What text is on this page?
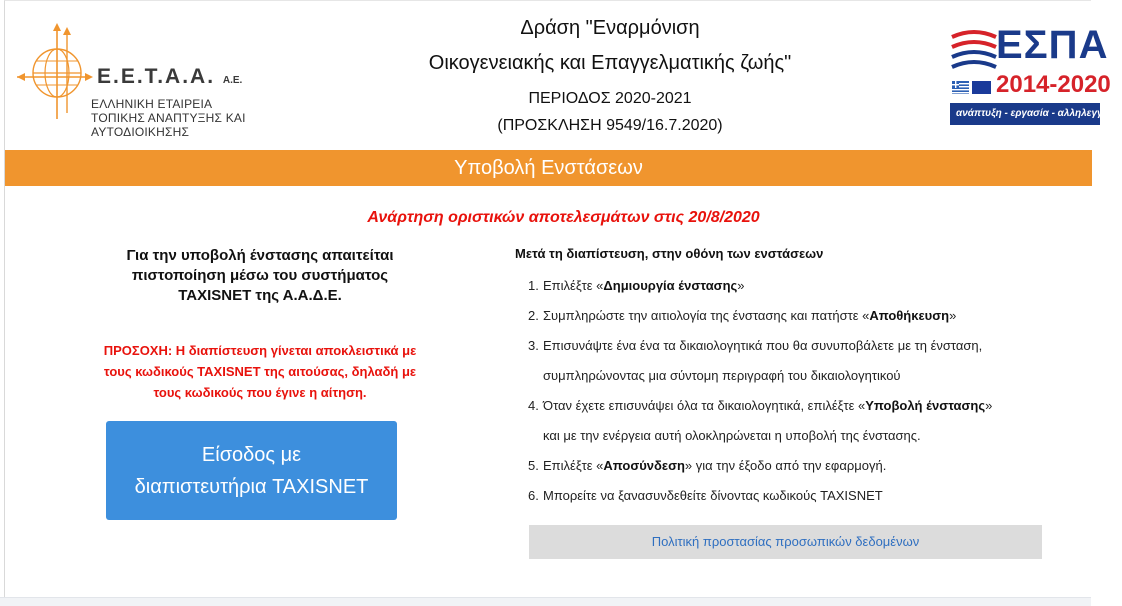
Ε.Ε.Τ.Α.Α. Α.Ε.
ΕΛΛΗΝΙΚΗ ΕΤΑΙΡΕΙΑ
ΤΟΠΙΚΗΣ ΑΝΑΠΤΥΞΗΣ ΚΑΙ ΑΥΤΟΔΙΟΙΚΗΣΗΣ
Δράση "Εναρμόνιση
Οικογενειακής και Επαγγελματικής ζωής"
ΠΕΡΙΟΔΟΣ 2020-2021
(ΠΡΟΣΚΛΗΣΗ 9549/16.7.2020)
ΕΣΠΑ
2014-2020
ανάπτυξη - εργασία - αλληλεγγύη
Υποβολή Ενστάσεων
Ανάρτηση οριστικών αποτελεσμάτων στις 20/8/2020
Για την υποβολή ένστασης απαιτείται
πιστοποίηση μέσω του συστήματος
TAXISNET της Α.Α.Δ.Ε.
ΠΡΟΣΟΧΗ: Η διαπίστευση γίνεται αποκλειστικά με
τους κωδικούς TAXISNET της αιτούσας, δηλαδή με
τους κωδικούς που έγινε η αίτηση.
Είσοδος με
διαπιστευτήρια TAXISNET
Μετά τη διαπίστευση, στην οθόνη των ενστάσεων
1. Επιλέξτε «Δημιουργία ένστασης»
2. Συμπληρώστε την αιτιολογία της ένστασης και πατήστε «Αποθήκευση»
3. Επισυνάψτε ένα ένα τα δικαιολογητικά που θα συνυποβάλετε με τη ένσταση,
συμπληρώνοντας μια σύντομη περιγραφή του δικαιολογητικού
4. Όταν έχετε επισυνάψει όλα τα δικαιολογητικά, επιλέξτε «Υποβολή ένστασης»
και με την ενέργεια αυτή ολοκληρώνεται η υποβολή της ένστασης.
5. Επιλέξτε «Αποσύνδεση» για την έξοδο από την εφαρμογή.
6. Μπορείτε να ξανασυνδεθείτε δίνοντας κωδικούς TAXISNET
Πολιτική προστασίας προσωπικών δεδομένων
